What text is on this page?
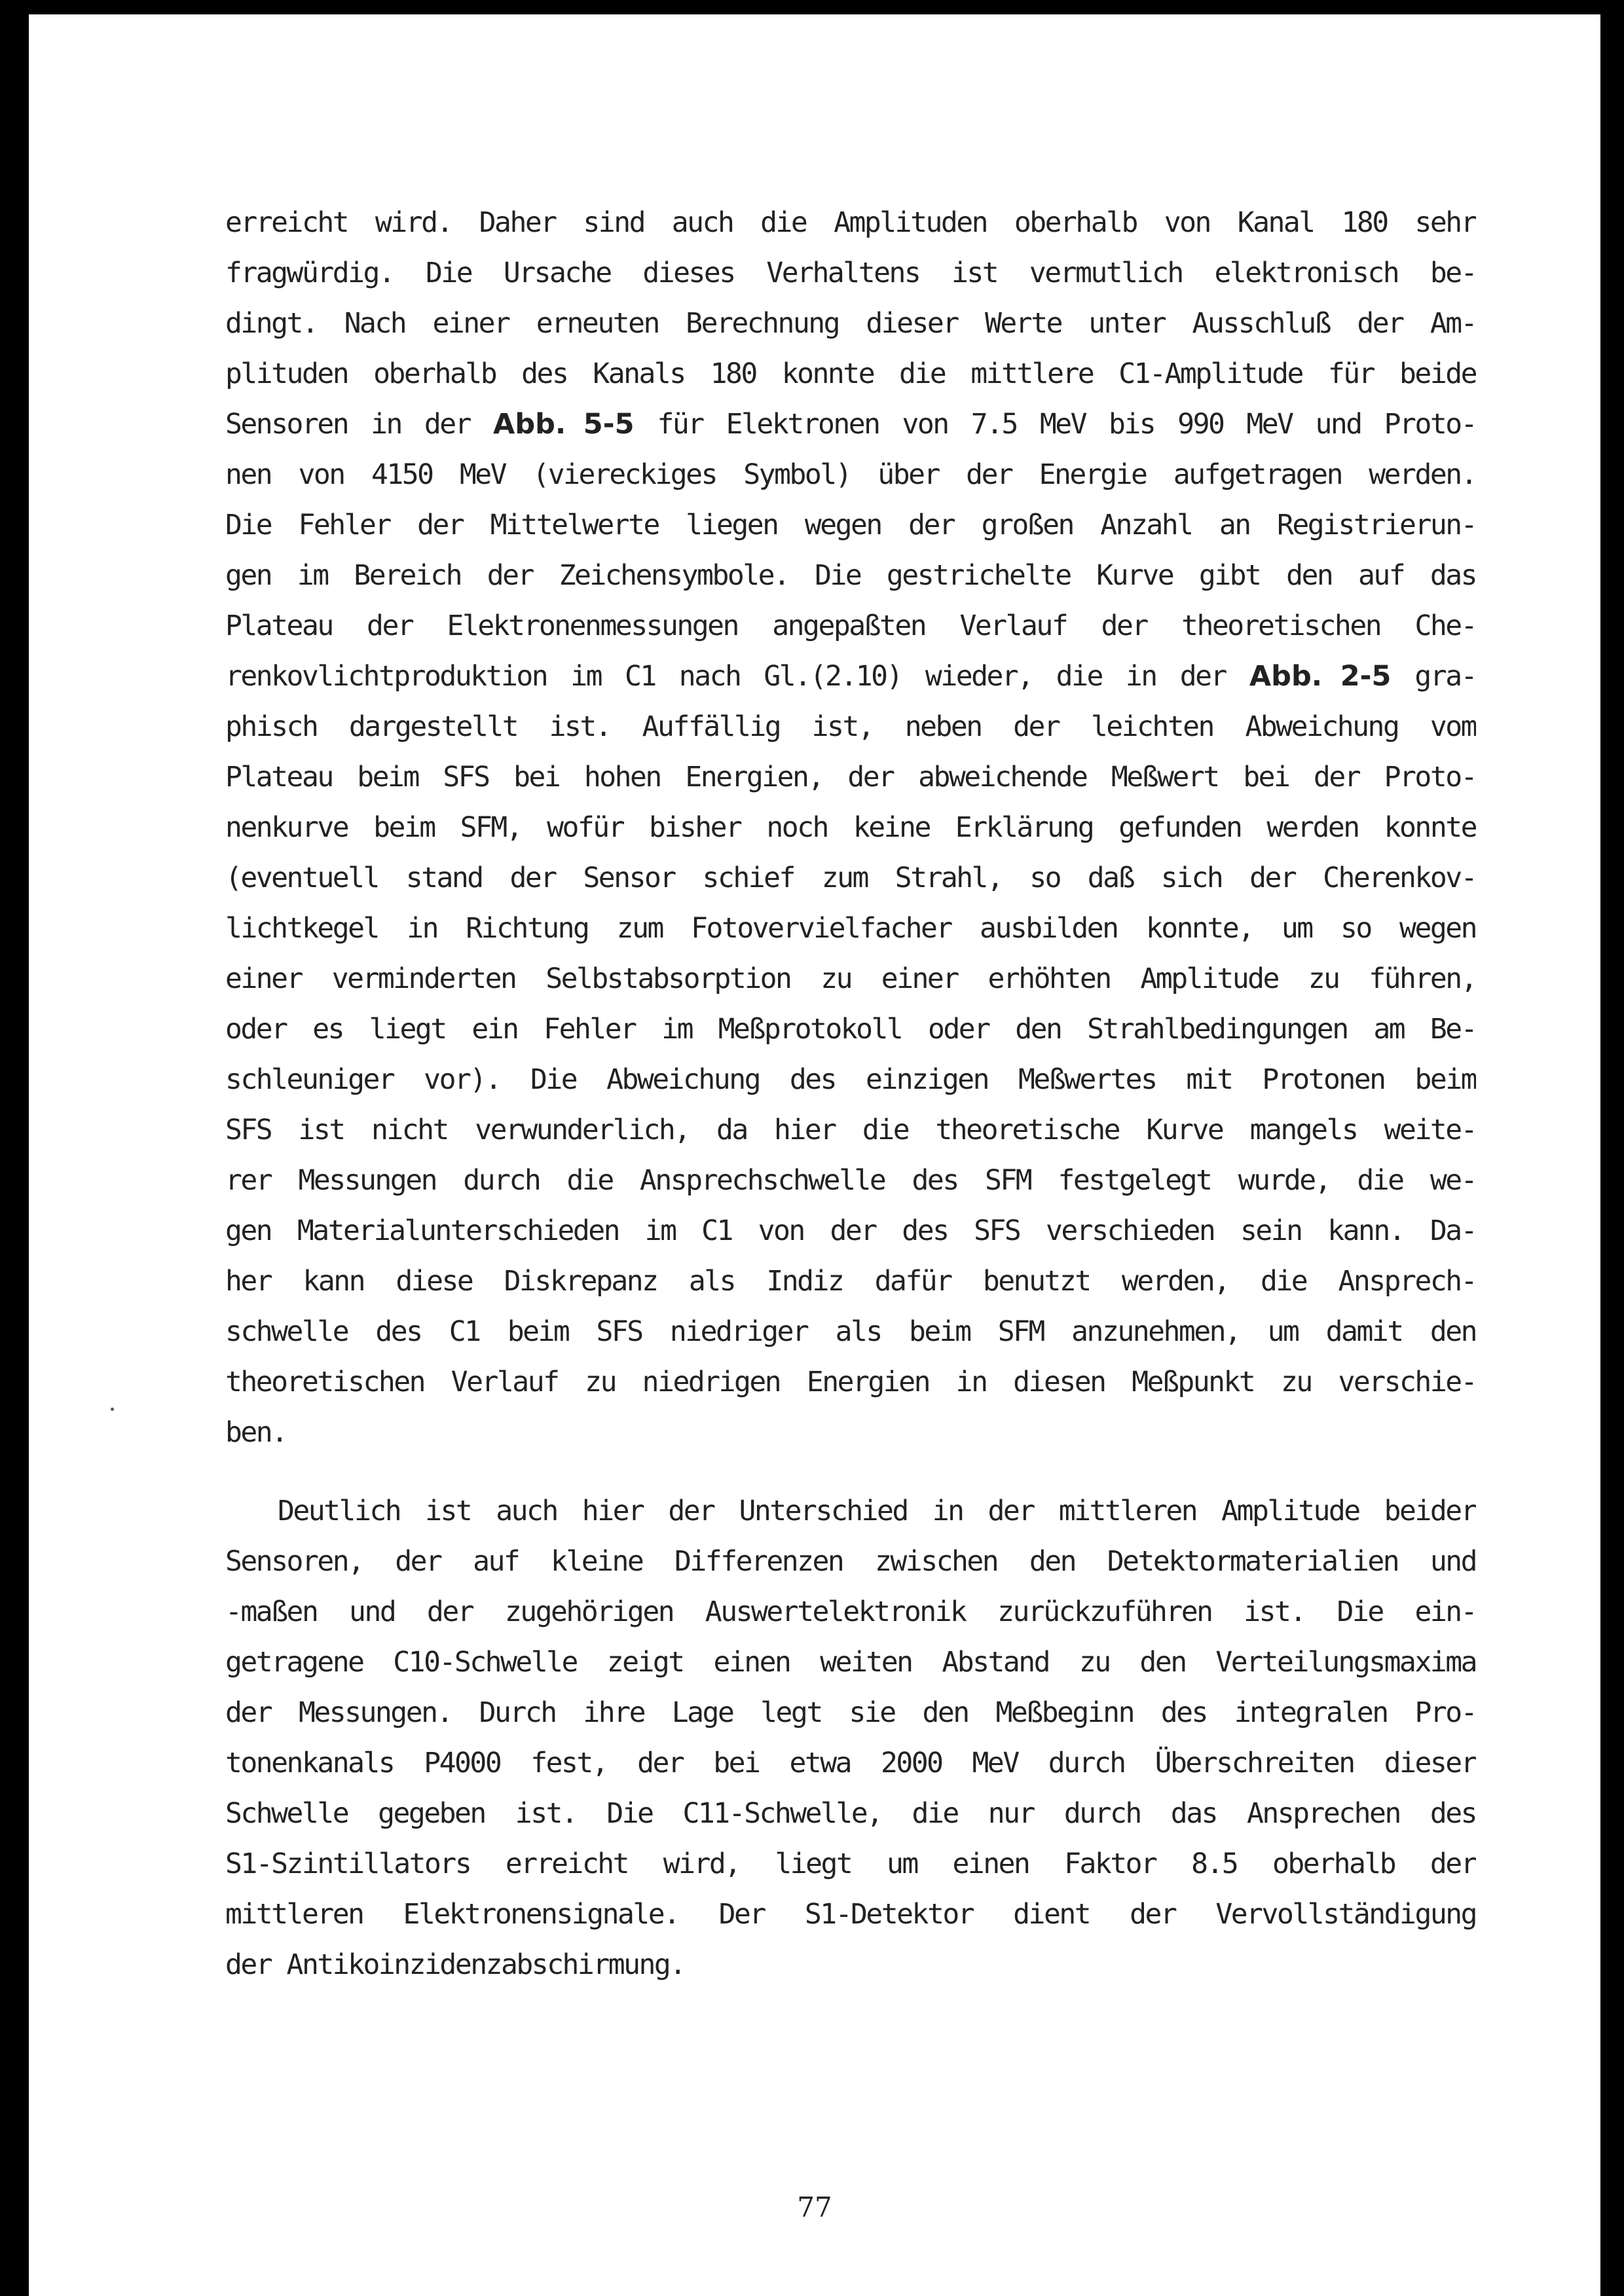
erreicht wird. Daher sind auch die Amplituden oberhalb von Kanal 180 sehr
fragwürdig. Die Ursache dieses Verhaltens ist vermutlich elektronisch be-
dingt. Nach einer erneuten Berechnung dieser Werte unter Ausschluß der Am-
plituden oberhalb des Kanals 180 konnte die mittlere C1-Amplitude für beide
Sensoren in der Abb. 5-5 für Elektronen von 7.5 MeV bis 990 MeV und Proto-
nen von 4150 MeV (viereckiges Symbol) über der Energie aufgetragen werden.
Die Fehler der Mittelwerte liegen wegen der großen Anzahl an Registrierun-
gen im Bereich der Zeichensymbole. Die gestrichelte Kurve gibt den auf das
Plateau der Elektronenmessungen angepaßten Verlauf der theoretischen Che-
renkovlichtproduktion im C1 nach Gl.(2.10) wieder, die in der Abb. 2-5 gra-
phisch dargestellt ist. Auffällig ist, neben der leichten Abweichung vom
Plateau beim SFS bei hohen Energien, der abweichende Meßwert bei der Proto-
nenkurve beim SFM, wofür bisher noch keine Erklärung gefunden werden konnte
(eventuell stand der Sensor schief zum Strahl, so daß sich der Cherenkov-
lichtkegel in Richtung zum Fotovervielfacher ausbilden konnte, um so wegen
einer verminderten Selbstabsorption zu einer erhöhten Amplitude zu führen,
oder es liegt ein Fehler im Meßprotokoll oder den Strahlbedingungen am Be-
schleuniger vor). Die Abweichung des einzigen Meßwertes mit Protonen beim
SFS ist nicht verwunderlich, da hier die theoretische Kurve mangels weite-
rer Messungen durch die Ansprechschwelle des SFM festgelegt wurde, die we-
gen Materialunterschieden im C1 von der des SFS verschieden sein kann. Da-
her kann diese Diskrepanz als Indiz dafür benutzt werden, die Ansprech-
schwelle des C1 beim SFS niedriger als beim SFM anzunehmen, um damit den
theoretischen Verlauf zu niedrigen Energien in diesen Meßpunkt zu verschie-
ben.
Deutlich ist auch hier der Unterschied in der mittleren Amplitude beider
Sensoren, der auf kleine Differenzen zwischen den Detektormaterialien und
-maßen und der zugehörigen Auswertelektronik zurückzuführen ist. Die ein-
getragene C10-Schwelle zeigt einen weiten Abstand zu den Verteilungsmaxima
der Messungen. Durch ihre Lage legt sie den Meßbeginn des integralen Pro-
tonenkanals P4000 fest, der bei etwa 2000 MeV durch Überschreiten dieser
Schwelle gegeben ist. Die C11-Schwelle, die nur durch das Ansprechen des
S1-Szintillators erreicht wird, liegt um einen Faktor 8.5 oberhalb der
mittleren Elektronensignale. Der S1-Detektor dient der Vervollständigung
der Antikoinzidenzabschirmung.
77
